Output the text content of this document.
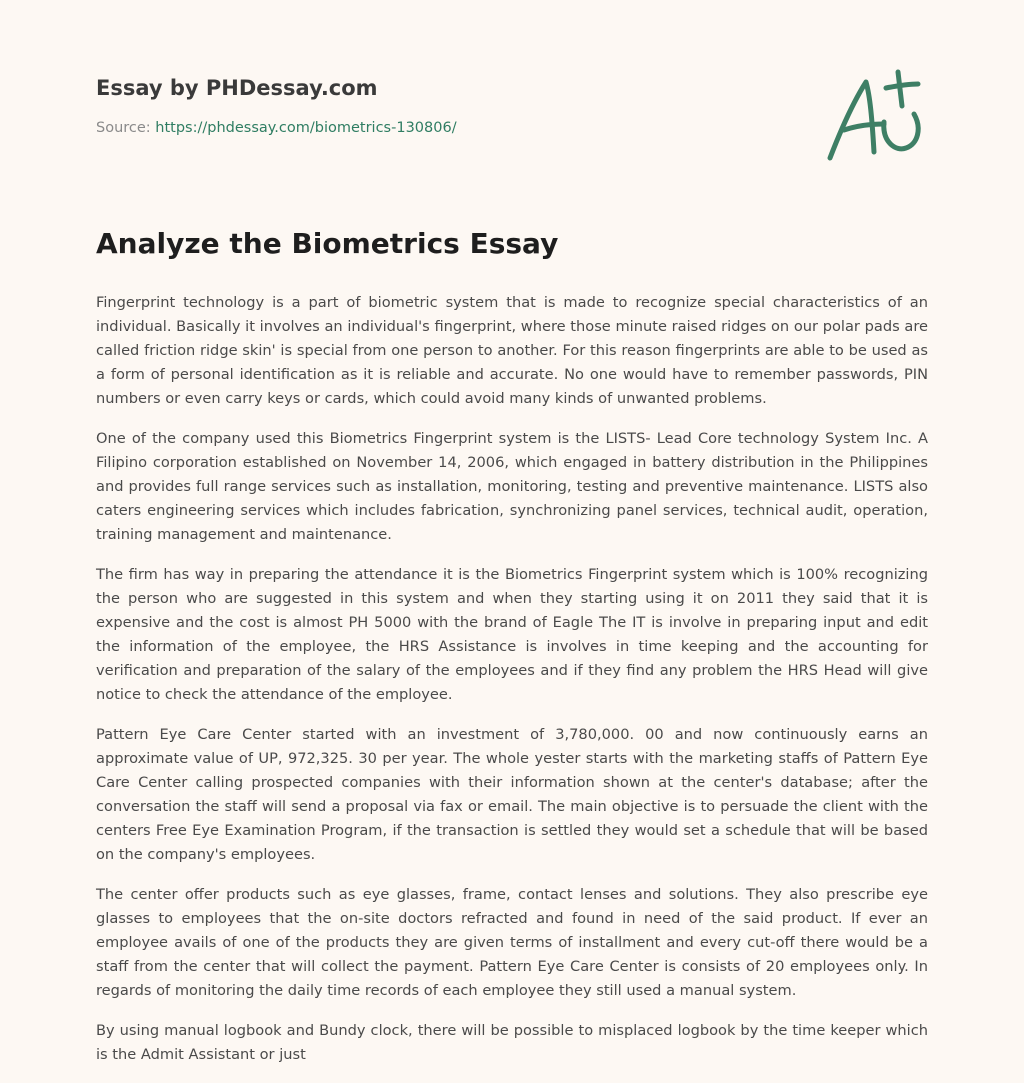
Essay by PHDessay.com
Source: https://phdessay.com/biometrics-130806/
Analyze the Biometrics Essay

Fingerprint technology is a part of biometric system that is made to recognize special characteristics of an individual. Basically it involves an individual's fingerprint, where those minute raised ridges on our polar pads are called friction ridge skin' is special from one person to another. For this reason fingerprints are able to be used as a form of personal identification as it is reliable and accurate. No one would have to remember passwords, PIN numbers or even carry keys or cards, which could avoid many kinds of unwanted problems.

One of the company used this Biometrics Fingerprint system is the LISTS- Lead Core technology System Inc. A Filipino corporation established on November 14, 2006, which engaged in battery distribution in the Philippines and provides full range services such as installation, monitoring, testing and preventive maintenance. LISTS also caters engineering services which includes fabrication, synchronizing panel services, technical audit, operation, training management and maintenance.

The firm has way in preparing the attendance it is the Biometrics Fingerprint system which is 100% recognizing the person who are suggested in this system and when they starting using it on 2011 they said that it is expensive and the cost is almost PH 5000 with the brand of Eagle The IT is involve in preparing input and edit the information of the employee, the HRS Assistance is involves in time keeping and the accounting for verification and preparation of the salary of the employees and if they find any problem the HRS Head will give notice to check the attendance of the employee.

Pattern Eye Care Center started with an investment of 3,780,000. 00 and now continuously earns an approximate value of UP, 972,325. 30 per year. The whole yester starts with the marketing staffs of Pattern Eye Care Center calling prospected companies with their information shown at the center's database; after the conversation the staff will send a proposal via fax or email. The main objective is to persuade the client with the centers Free Eye Examination Program, if the transaction is settled they would set a schedule that will be based on the company's employees.

The center offer products such as eye glasses, frame, contact lenses and solutions. They also prescribe eye glasses to employees that the on-site doctors refracted and found in need of the said product. If ever an employee avails of one of the products they are given terms of installment and every cut-off there would be a staff from the center that will collect the payment. Pattern Eye Care Center is consists of 20 employees only. In regards of monitoring the daily time records of each employee they still used a manual system.

By using manual logbook and Bundy clock, there will be possible to misplaced logbook by the time keeper which is the Admit Assistant or just
